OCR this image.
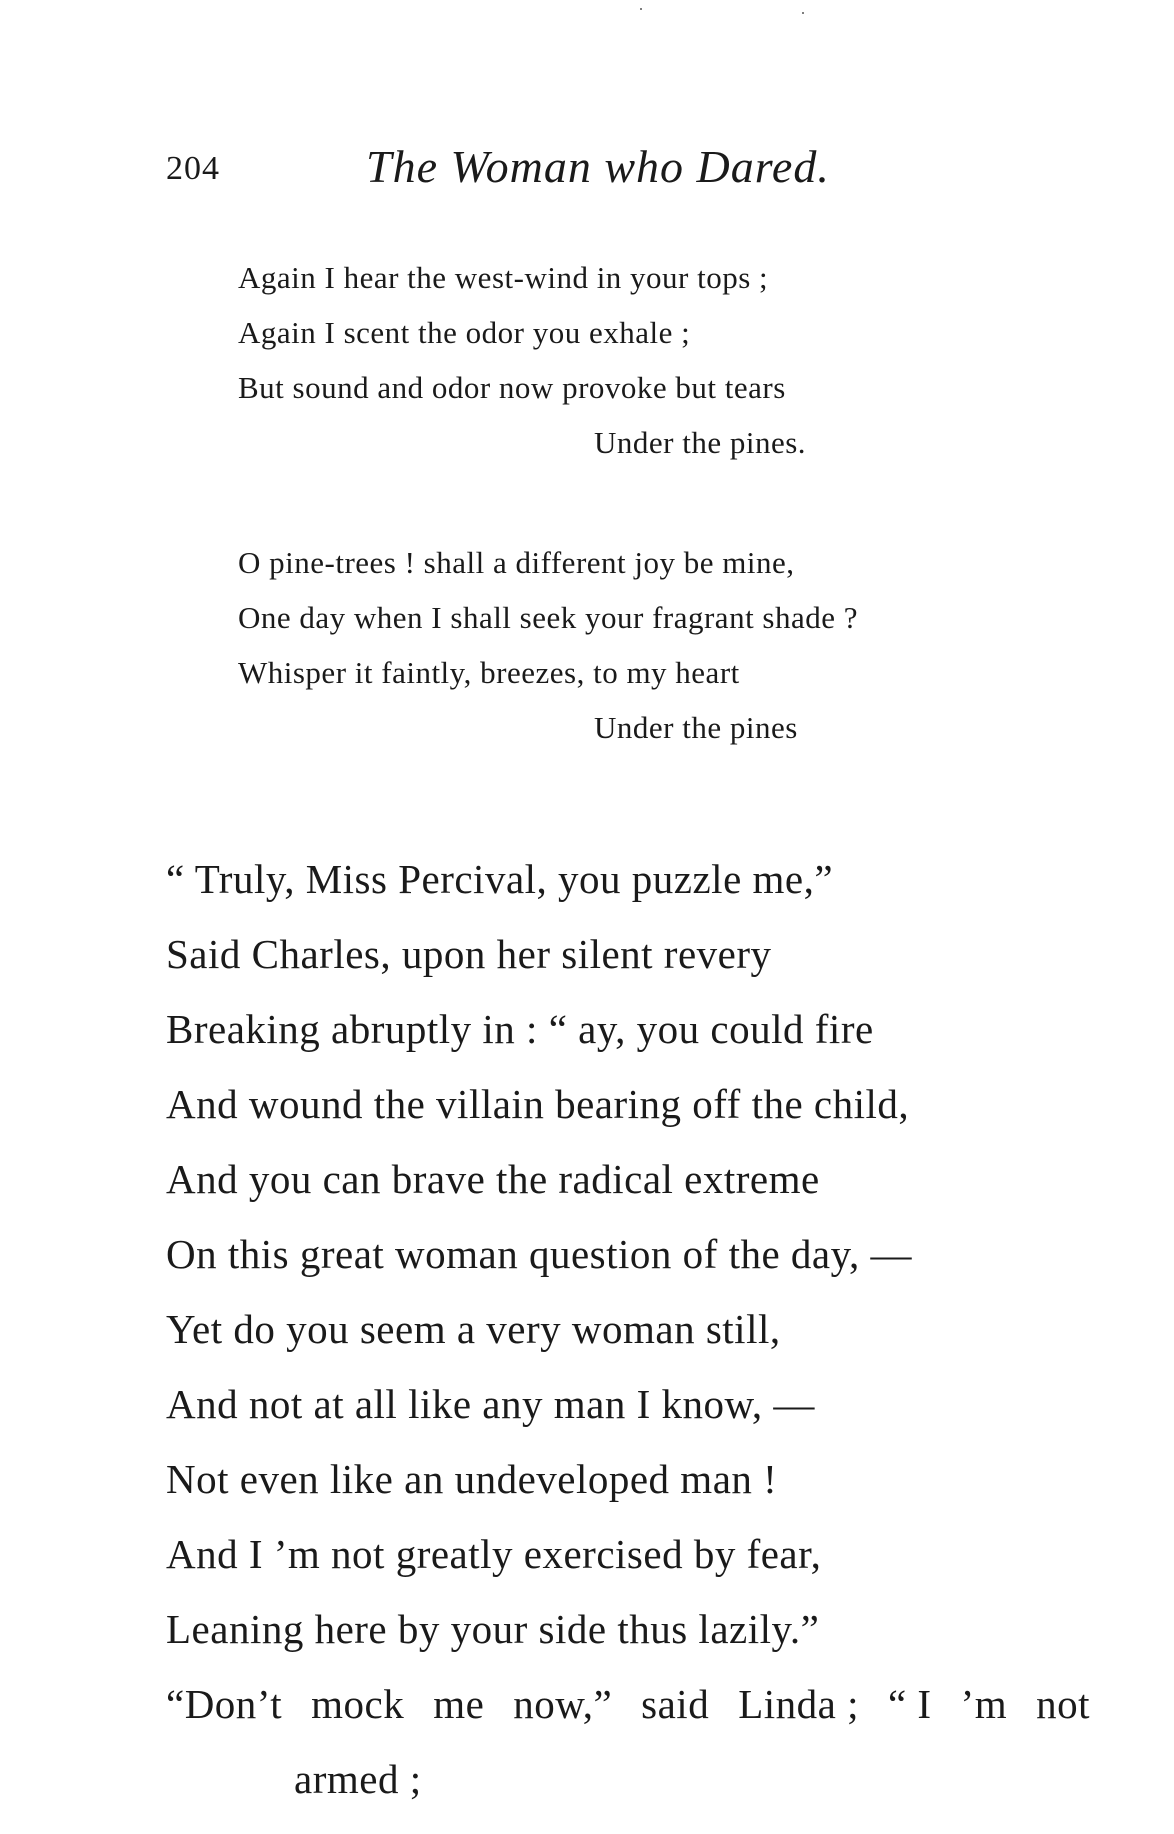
204	The Woman who Dared.
Again I hear the west-wind in your tops ;
Again I scent the odor you exhale ;
But sound and odor now provoke but tears
Under the pines.
O pine-trees ! shall a different joy be mine,
One day when I shall seek your fragrant shade ?
Whisper it faintly, breezes, to my heart
Under the pines
“ Truly, Miss Percival, you puzzle me,”
Said Charles, upon her silent revery
Breaking abruptly in : “ ay, you could fire
And wound the villain bearing off the child,
And you can brave the radical extreme
On this great woman question of the day, —
Yet do you seem a very woman still,
And not at all like any man I know, —
Not even like an undeveloped man !
And I ’m not greatly exercised by fear,
Leaning here by your side thus lazily.”
“Don’t mock me now,” said Linda ; “ I ’m not
armed ;
